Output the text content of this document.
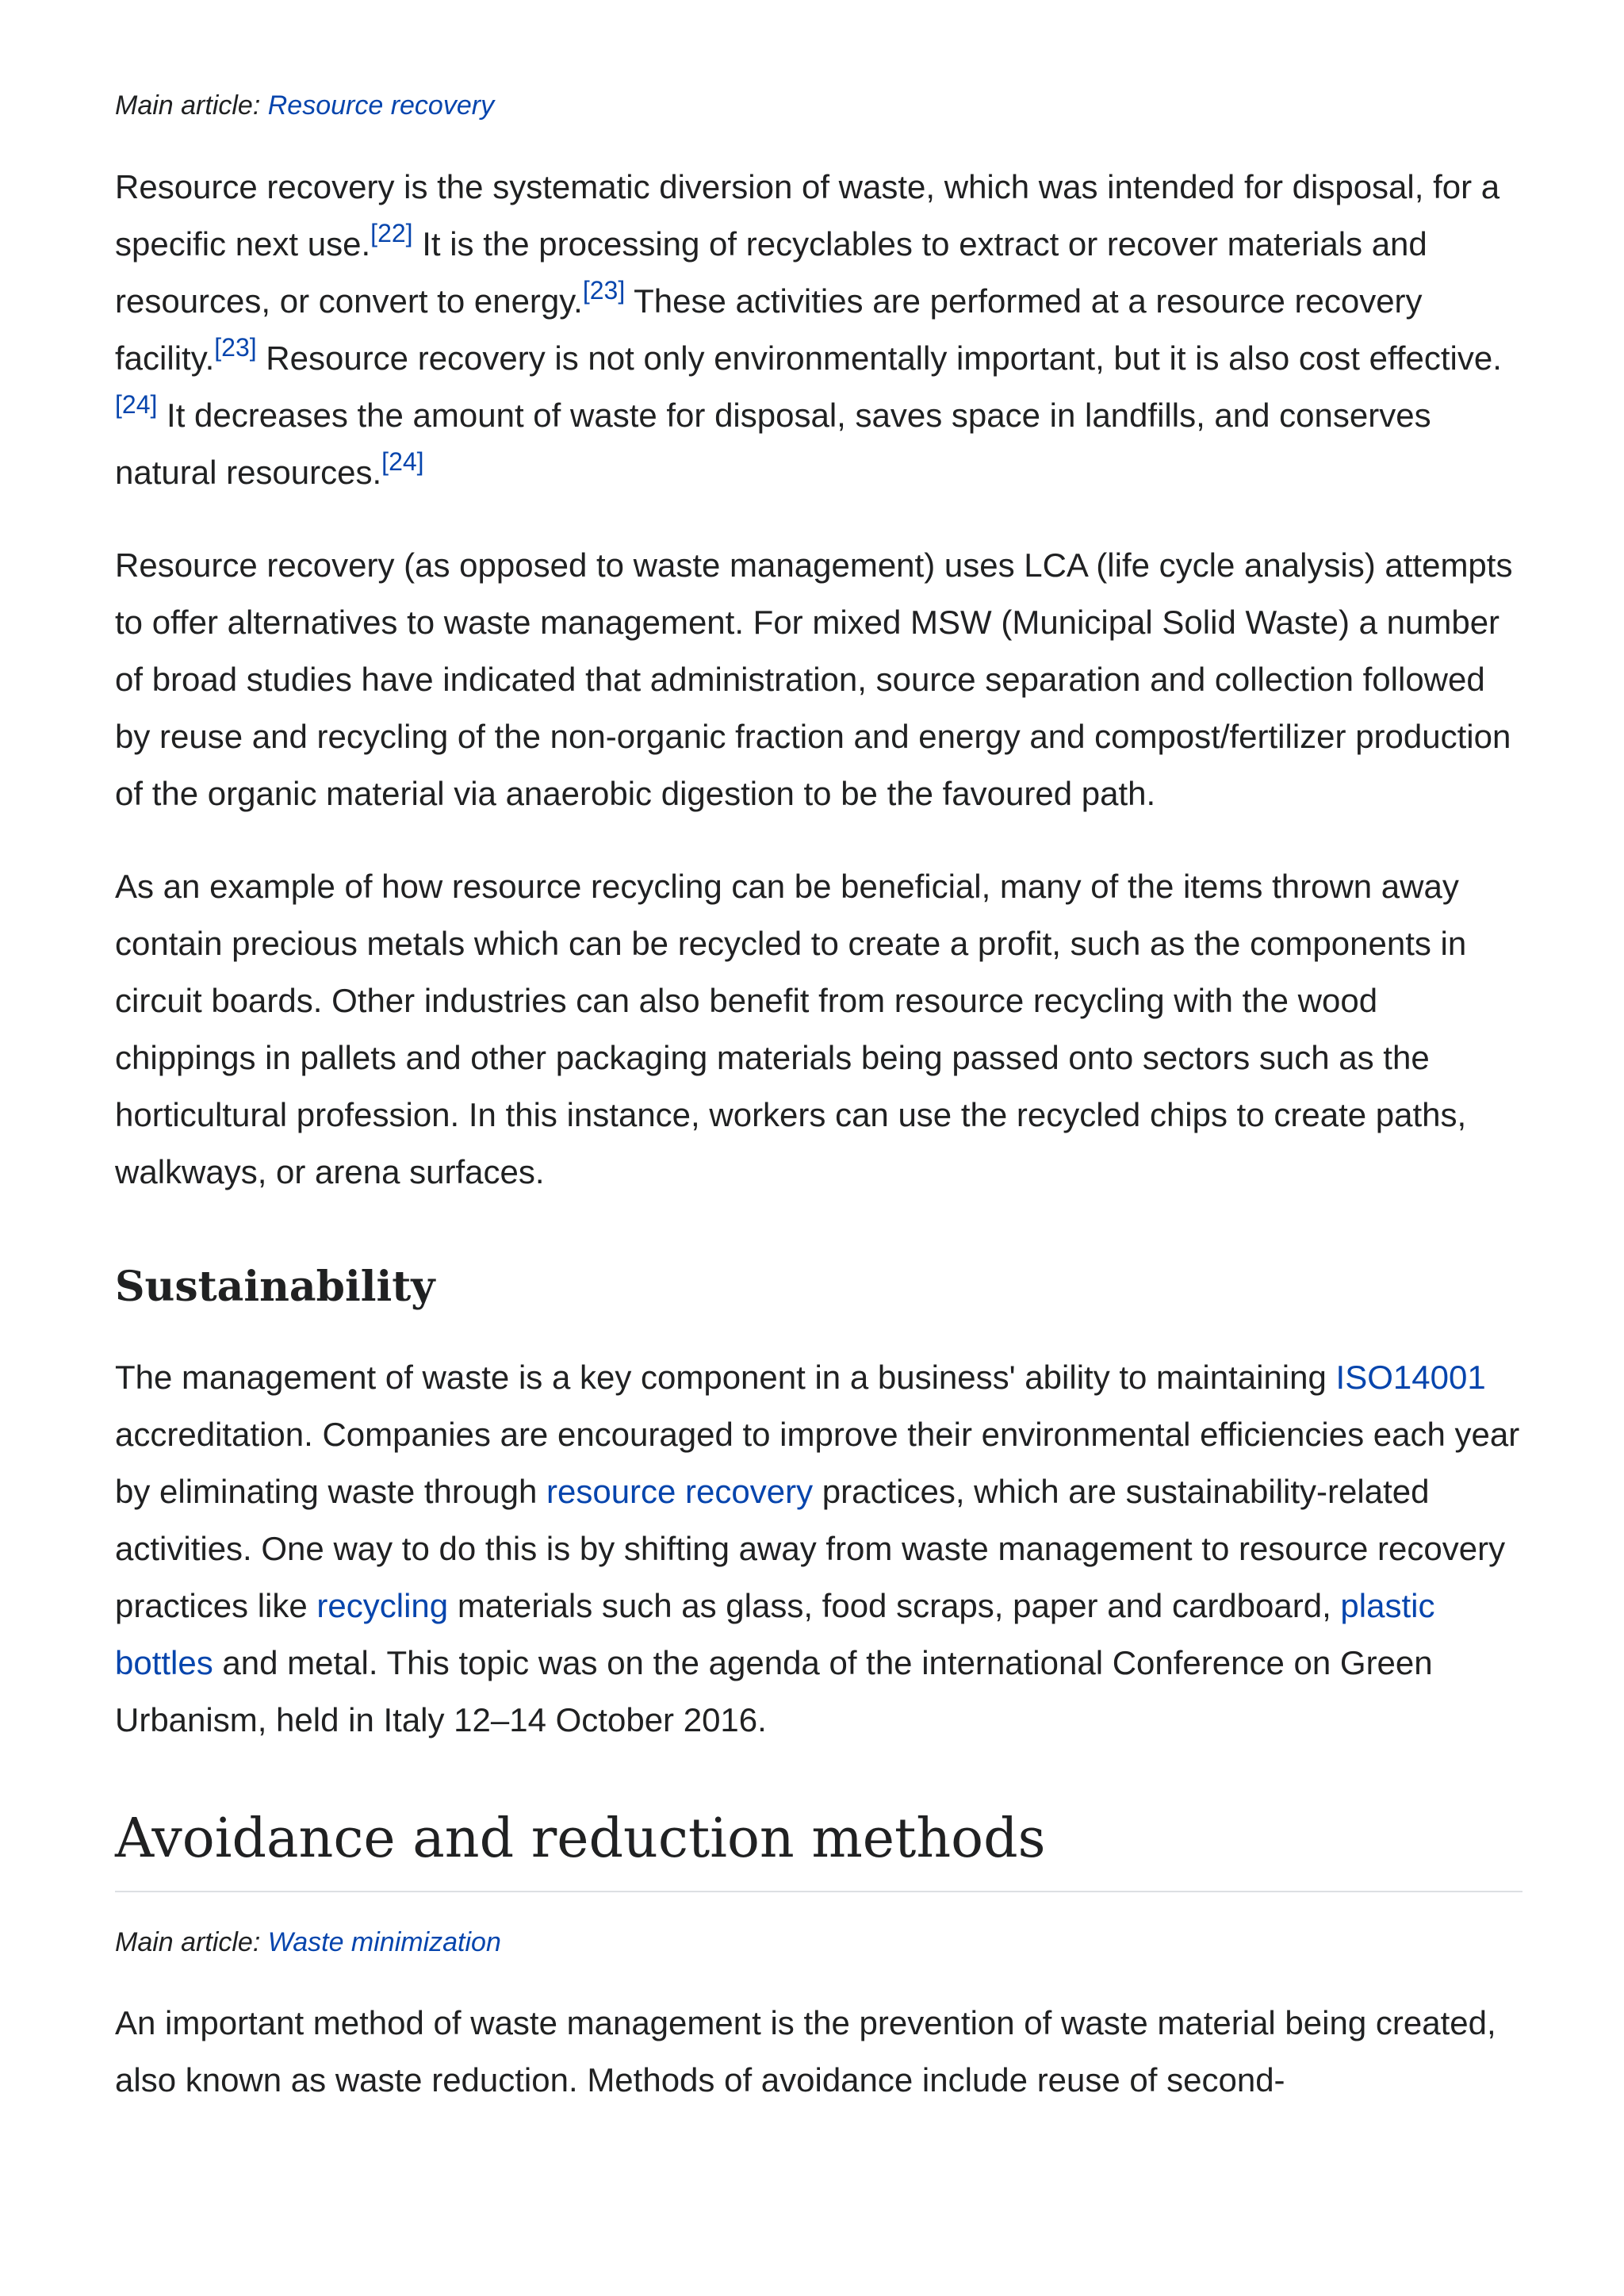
Main article: Resource recovery

Resource recovery is the systematic diversion of waste, which was intended for disposal, for a specific next use.[22] It is the processing of recyclables to extract or recover materials and resources, or convert to energy.[23] These activities are performed at a resource recovery facility.[23] Resource recovery is not only environmentally important, but it is also cost effective.[24] It decreases the amount of waste for disposal, saves space in landfills, and conserves natural resources.[24]

Resource recovery (as opposed to waste management) uses LCA (life cycle analysis) attempts to offer alternatives to waste management. For mixed MSW (Municipal Solid Waste) a number of broad studies have indicated that administration, source separation and collection followed by reuse and recycling of the non-organic fraction and energy and compost/fertilizer production of the organic material via anaerobic digestion to be the favoured path.

As an example of how resource recycling can be beneficial, many of the items thrown away contain precious metals which can be recycled to create a profit, such as the components in circuit boards. Other industries can also benefit from resource recycling with the wood chippings in pallets and other packaging materials being passed onto sectors such as the horticultural profession. In this instance, workers can use the recycled chips to create paths, walkways, or arena surfaces.

Sustainability

The management of waste is a key component in a business' ability to maintaining ISO14001 accreditation. Companies are encouraged to improve their environmental efficiencies each year by eliminating waste through resource recovery practices, which are sustainability-related activities. One way to do this is by shifting away from waste management to resource recovery practices like recycling materials such as glass, food scraps, paper and cardboard, plastic bottles and metal. This topic was on the agenda of the international Conference on Green Urbanism, held in Italy 12–14 October 2016.

Avoidance and reduction methods
Main article: Waste minimization

An important method of waste management is the prevention of waste material being created, also known as waste reduction. Methods of avoidance include reuse of second-
